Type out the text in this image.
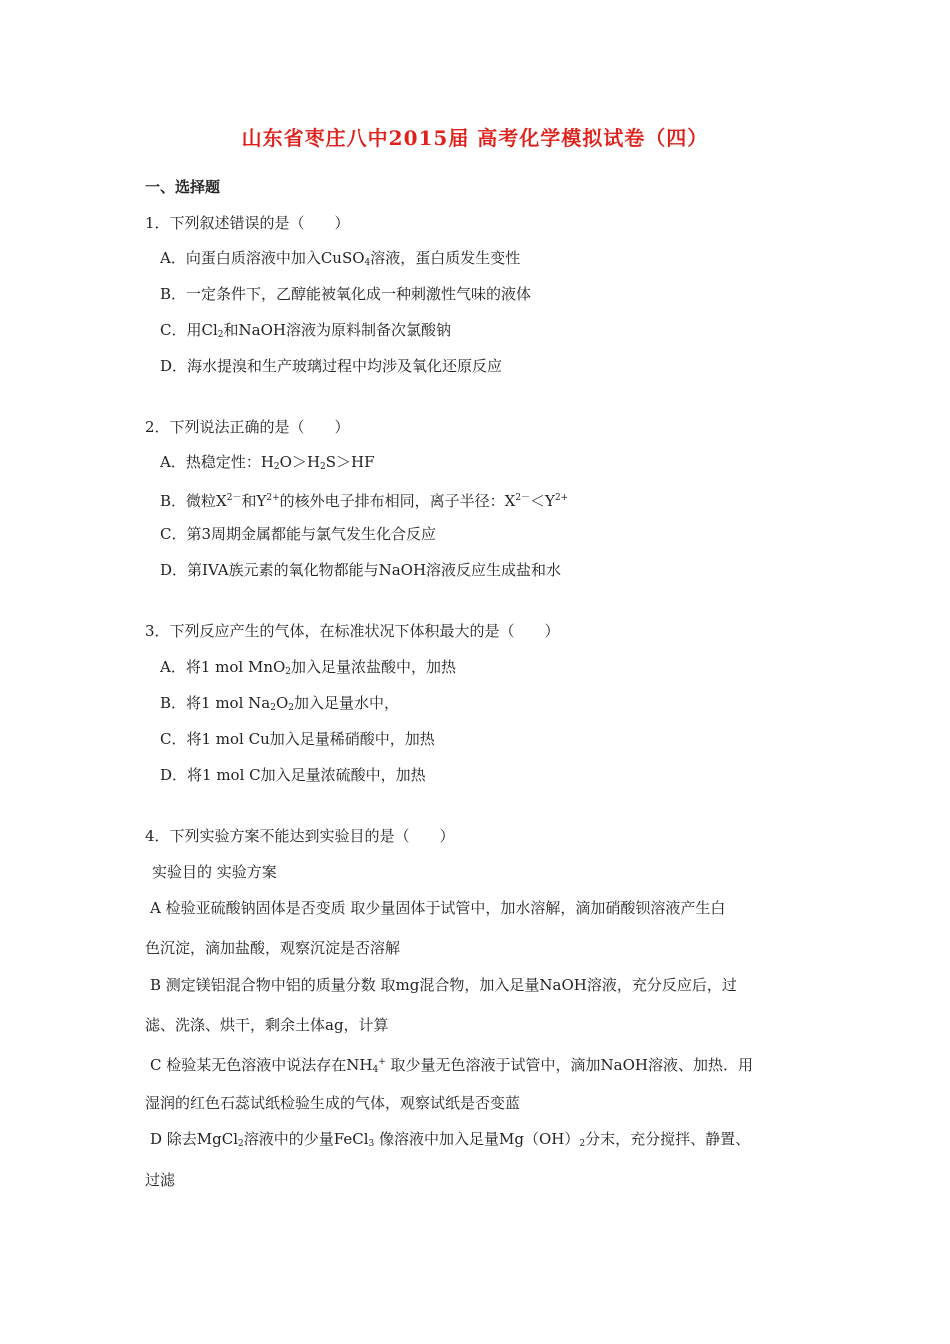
山东省枣庄八中2015届 高考化学模拟试卷（四）
一、选择题
1．下列叙述错误的是（　　）
A．向蛋白质溶液中加入CuSO$_4$溶液，蛋白质发生变性
B．一定条件下，乙醇能被氧化成一种刺激性气味的液体
C．用$Cl_2$和NaOH溶液为原料制备次氯酸钠
D．海水提溴和生产玻璃过程中均涉及氧化还原反应
2．下列说法正确的是（　　）
A．热稳定性：$H_2O>H_2S>HF$
B．微粒$X^{2-}$和$Y^{2+}$的核外电子排布相同，离子半径：$X^{2-}<Y^{2+}$
C．第3周期金属都能与氯气发生化合反应
D．第IVA族元素的氧化物都能与NaOH溶液反应生成盐和水
3．下列反应产生的气体，在标准状况下体积最大的是（　　）
A．将1 mol MnO$_2$加入足量浓盐酸中，加热
B．将1 mol $Na_2O_2$加入足量水中，
C．将1 mol Cu加入足量稀硝酸中，加热
D．将1 mol C加入足量浓硫酸中，加热
4．下列实验方案不能达到实验目的是（　　）
实验目的 实验方案
A 检验亚硫酸钠固体是否变质 取少量固体于试管中，加水溶解，滴加硝酸钡溶液产生白
色沉淀，滴加盐酸，观察沉淀是否溶解
B 测定镁铝混合物中铝的质量分数 取mg混合物，加入足量NaOH溶液，充分反应后，过
滤、洗涤、烘干，剩余土体ag，计算
C 检验某无色溶液中说法存在$NH_4^+$ 取少量无色溶液于试管中，滴加NaOH溶液、加热．用
湿润的红色石蕊试纸检验生成的气体，观察试纸是否变蓝
D 除去MgCl$_2$溶液中的少量FeCl$_3$ 像溶液中加入足量$Mg(OH)_2$分末，充分搅拌、静置、
过滤
